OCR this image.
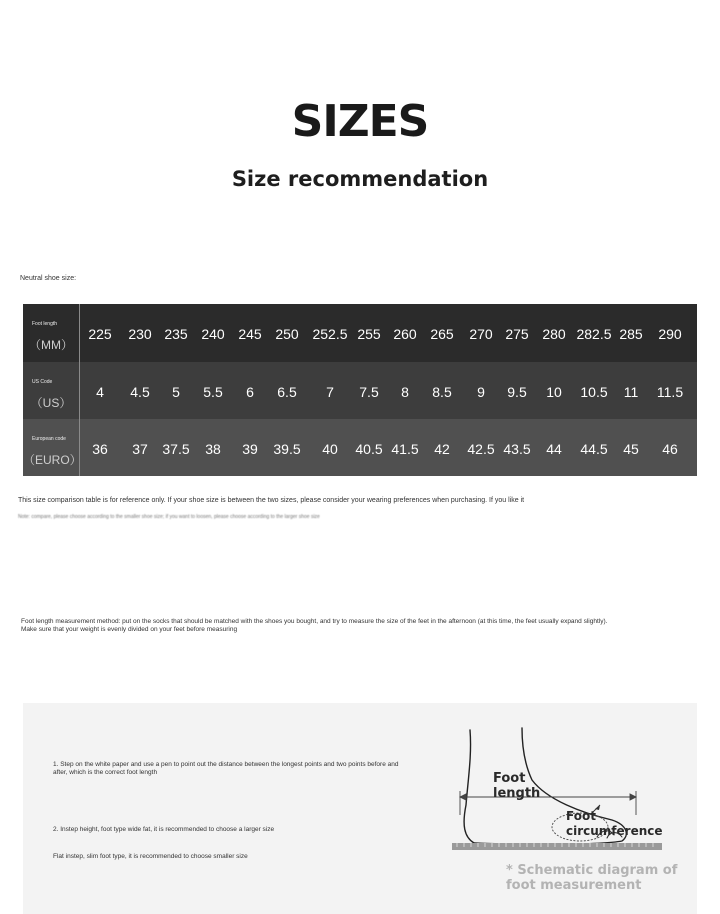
SIZES
Size recommendation
Neutral shoe size:
Foot length
（MM）
225 230 235 240 245 250 252.5 255 260 265 270 275 280 282.5 285 290
US Code
（US）
4 4.5 5 5.5 6 6.5 7 7.5 8 8.5 9 9.5 10 10.5 11 11.5
European code
（EURO）
36 37 37.5 38 39 39.5 40 40.5 41.5 42 42.5 43.5 44 44.5 45 46
This size comparison table is for reference only. If your shoe size is between the two sizes, please consider your wearing preferences when purchasing. If you like it
Note: compare, please choose according to the smaller shoe size; if you want to loosen, please choose according to the larger shoe size
Foot length measurement method: put on the socks that should be matched with the shoes you bought, and try to measure the size of the feet in the afternoon (at this time, the feet usually expand slightly). Make sure that your weight is evenly divided on your feet before measuring
1. Step on the white paper and use a pen to point out the distance between the longest points and two points before and after, which is the correct foot length
2. Instep height, foot type wide fat, it is recommended to choose a larger size
Flat instep, slim foot type, it is recommended to choose smaller size
Foot
length
Foot
circumference
* Schematic diagram of
foot measurement
